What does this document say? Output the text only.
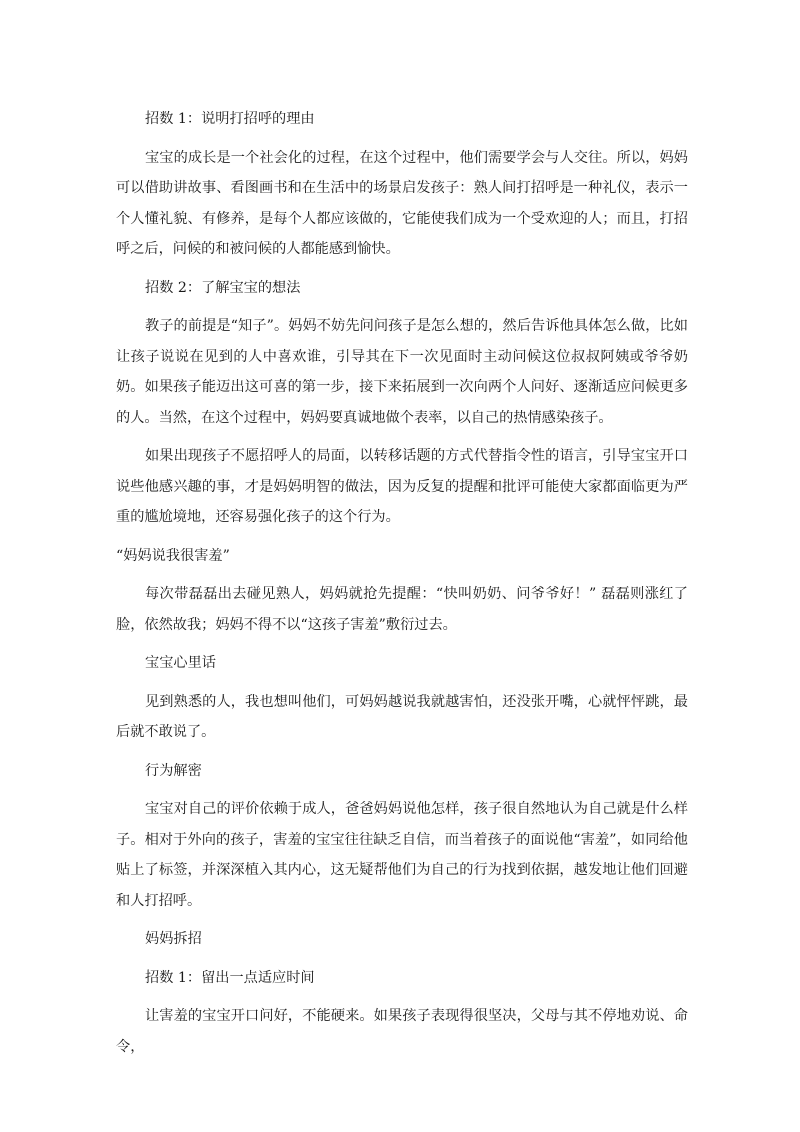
招数 1：说明打招呼的理由

宝宝的成长是一个社会化的过程，在这个过程中，他们需要学会与人交往。所以，妈妈可以借助讲故事、看图画书和在生活中的场景启发孩子：熟人间打招呼是一种礼仪，表示一个人懂礼貌、有修养，是每个人都应该做的，它能使我们成为一个受欢迎的人；而且，打招呼之后，问候的和被问候的人都能感到愉快。

招数 2：了解宝宝的想法

教子的前提是“知子”。妈妈不妨先问问孩子是怎么想的，然后告诉他具体怎么做，比如让孩子说说在见到的人中喜欢谁，引导其在下一次见面时主动问候这位叔叔阿姨或爷爷奶奶。如果孩子能迈出这可喜的第一步，接下来拓展到一次向两个人问好、逐渐适应问候更多的人。当然，在这个过程中，妈妈要真诚地做个表率，以自己的热情感染孩子。

如果出现孩子不愿招呼人的局面，以转移话题的方式代替指令性的语言，引导宝宝开口说些他感兴趣的事，才是妈妈明智的做法，因为反复的提醒和批评可能使大家都面临更为严重的尴尬境地，还容易强化孩子的这个行为。

“妈妈说我很害羞”

每次带磊磊出去碰见熟人，妈妈就抢先提醒：“快叫奶奶、问爷爷好！” 磊磊则涨红了脸，依然故我；妈妈不得不以“这孩子害羞”敷衍过去。

宝宝心里话

见到熟悉的人，我也想叫他们，可妈妈越说我就越害怕，还没张开嘴，心就怦怦跳，最后就不敢说了。

行为解密

宝宝对自己的评价依赖于成人，爸爸妈妈说他怎样，孩子很自然地认为自己就是什么样子。相对于外向的孩子，害羞的宝宝往往缺乏自信，而当着孩子的面说他“害羞”，如同给他贴上了标签，并深深植入其内心，这无疑帮他们为自己的行为找到依据，越发地让他们回避和人打招呼。

妈妈拆招

招数 1：留出一点适应时间

让害羞的宝宝开口问好，不能硬来。如果孩子表现得很坚决，父母与其不停地劝说、命令，
